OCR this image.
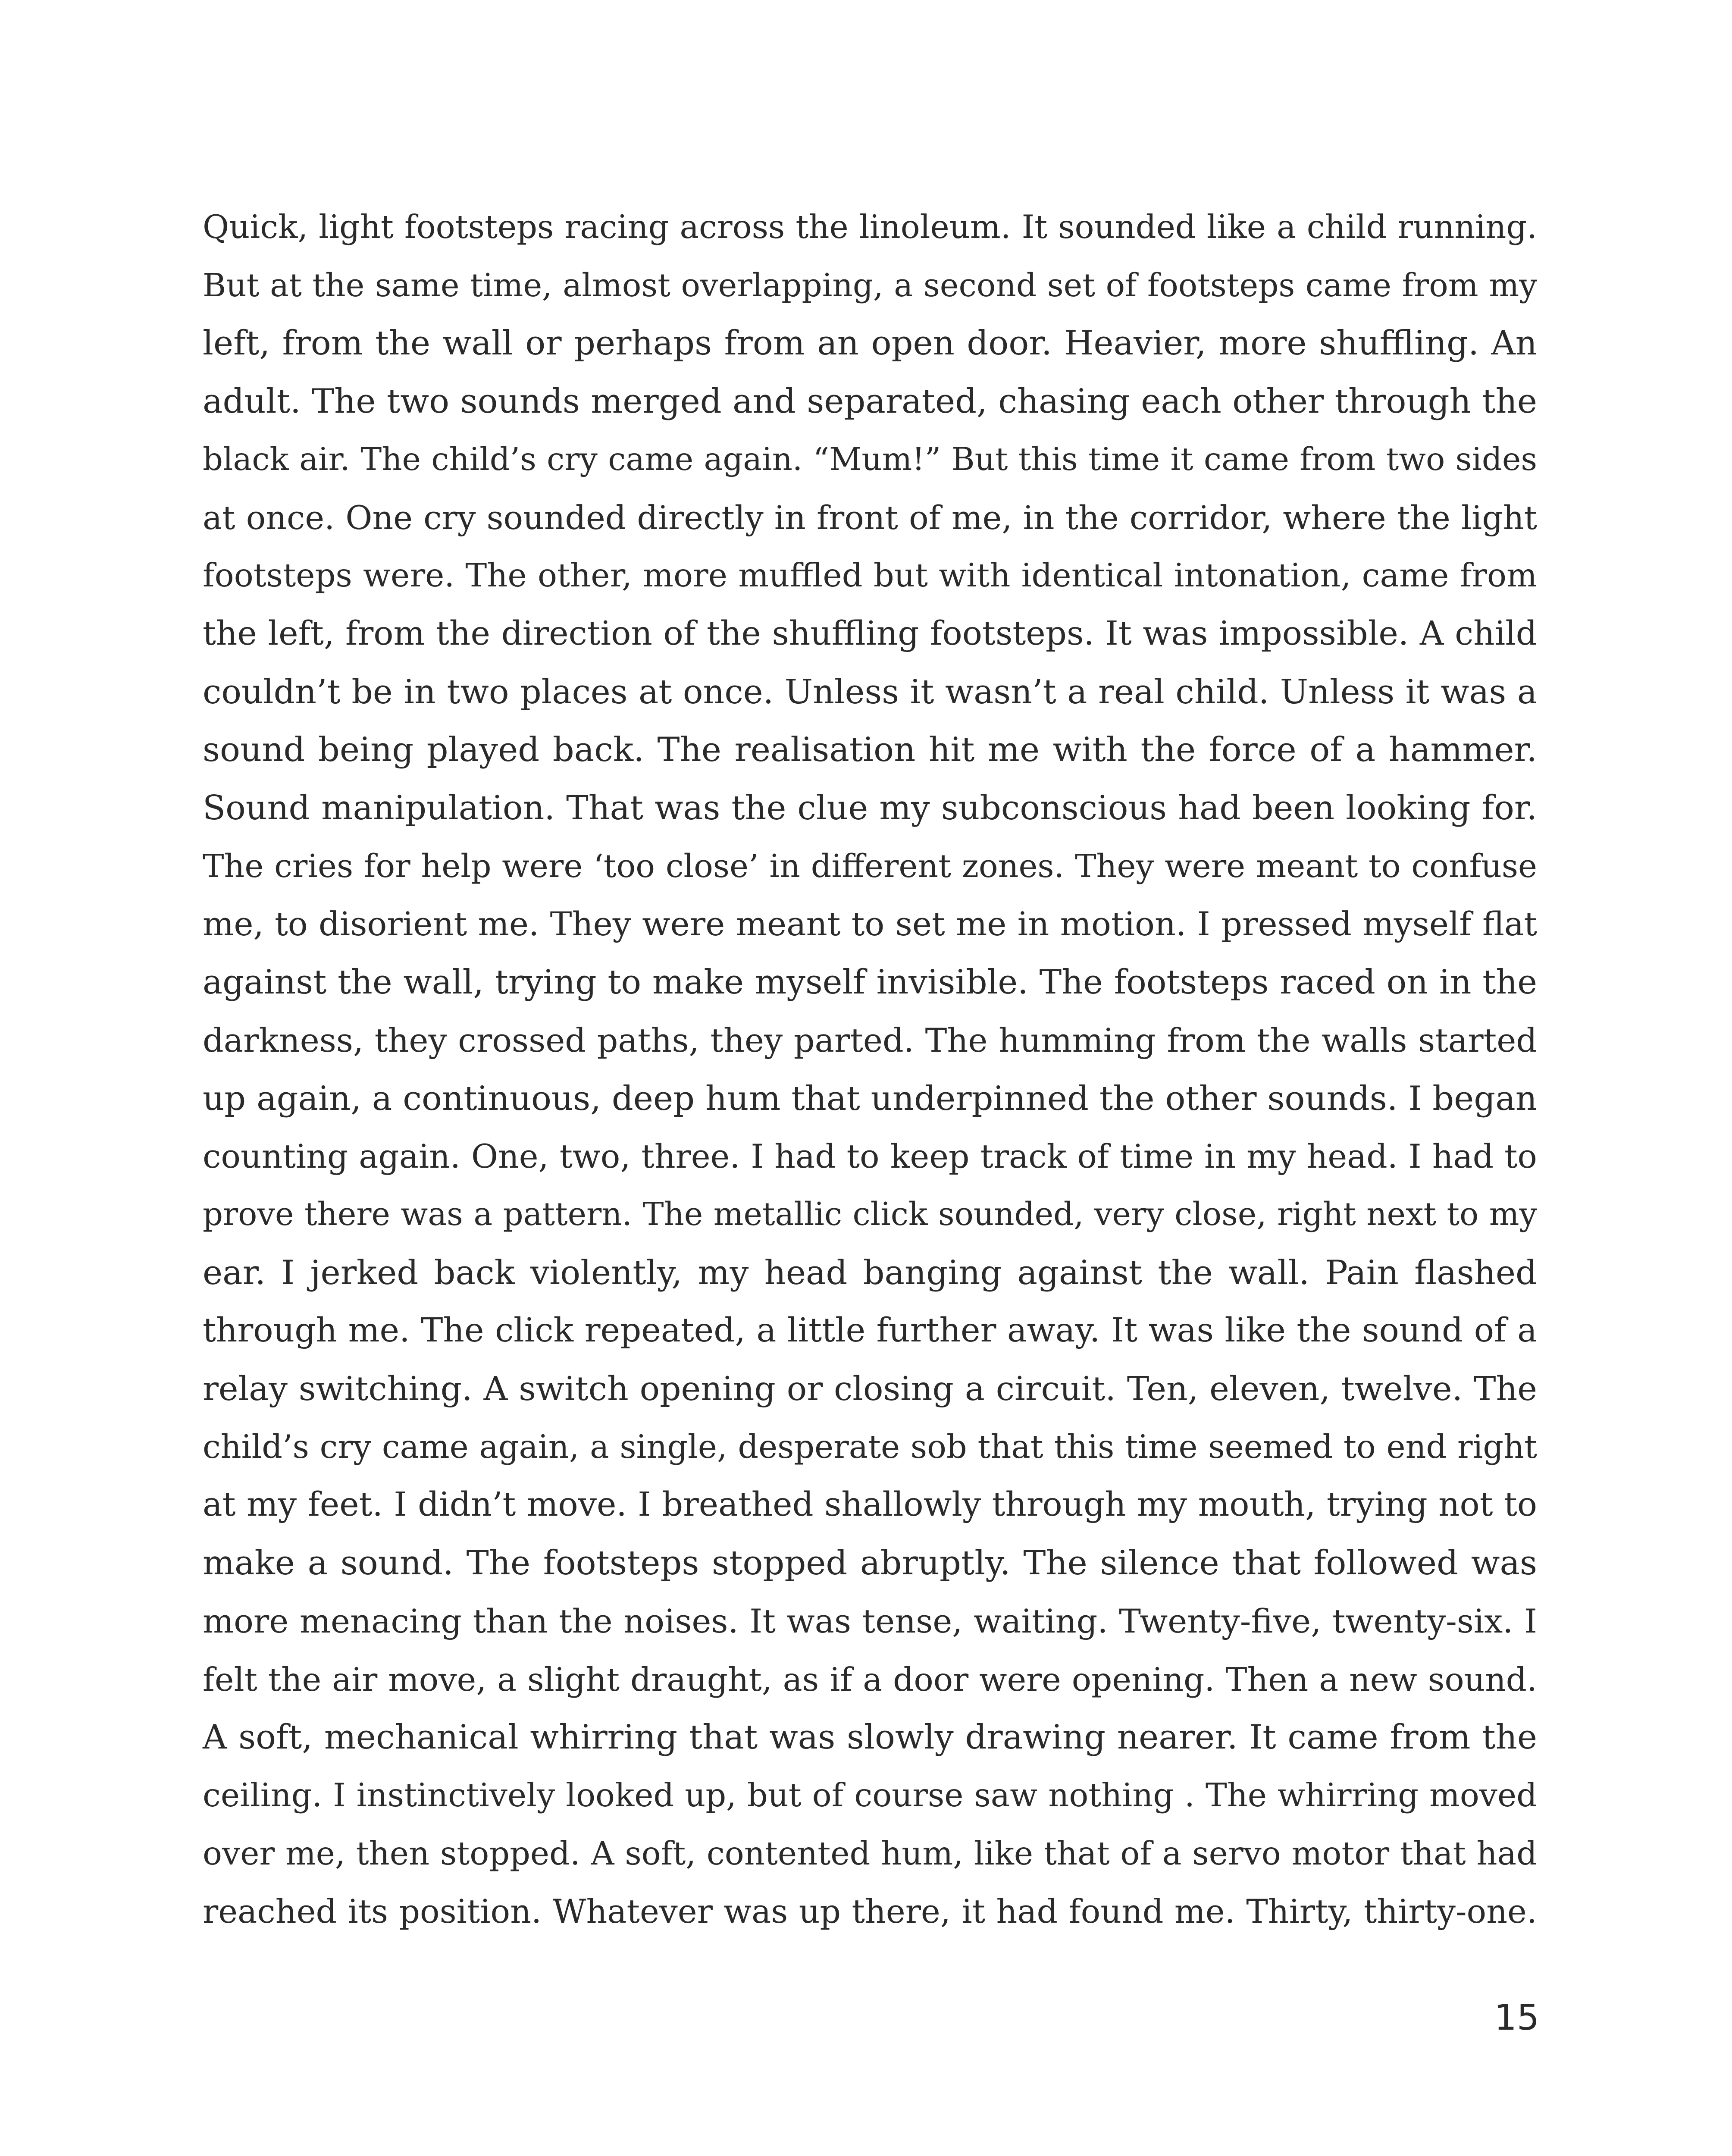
Quick, light footsteps racing across the linoleum. It sounded like a child running.
But at the same time, almost overlapping, a second set of footsteps came from my
left, from the wall or perhaps from an open door. Heavier, more shuffling. An
adult. The two sounds merged and separated, chasing each other through the
black air. The child’s cry came again. “Mum!” But this time it came from two sides
at once. One cry sounded directly in front of me, in the corridor, where the light
footsteps were. The other, more muffled but with identical intonation, came from
the left, from the direction of the shuffling footsteps. It was impossible. A child
couldn’t be in two places at once. Unless it wasn’t a real child. Unless it was a
sound being played back. The realisation hit me with the force of a hammer.
Sound manipulation. That was the clue my subconscious had been looking for.
The cries for help were ‘too close’ in different zones. They were meant to confuse
me, to disorient me. They were meant to set me in motion. I pressed myself flat
against the wall, trying to make myself invisible. The footsteps raced on in the
darkness, they crossed paths, they parted. The humming from the walls started
up again, a continuous, deep hum that underpinned the other sounds. I began
counting again. One, two, three. I had to keep track of time in my head. I had to
prove there was a pattern. The metallic click sounded, very close, right next to my
ear. I jerked back violently, my head banging against the wall. Pain flashed
through me. The click repeated, a little further away. It was like the sound of a
relay switching. A switch opening or closing a circuit. Ten, eleven, twelve. The
child’s cry came again, a single, desperate sob that this time seemed to end right
at my feet. I didn’t move. I breathed shallowly through my mouth, trying not to
make a sound. The footsteps stopped abruptly. The silence that followed was
more menacing than the noises. It was tense, waiting. Twenty-five, twenty-six. I
felt the air move, a slight draught, as if a door were opening. Then a new sound.
A soft, mechanical whirring that was slowly drawing nearer. It came from the
ceiling. I instinctively looked up, but of course saw nothing . The whirring moved
over me, then stopped. A soft, contented hum, like that of a servo motor that had
reached its position. Whatever was up there, it had found me. Thirty, thirty-one.
15
